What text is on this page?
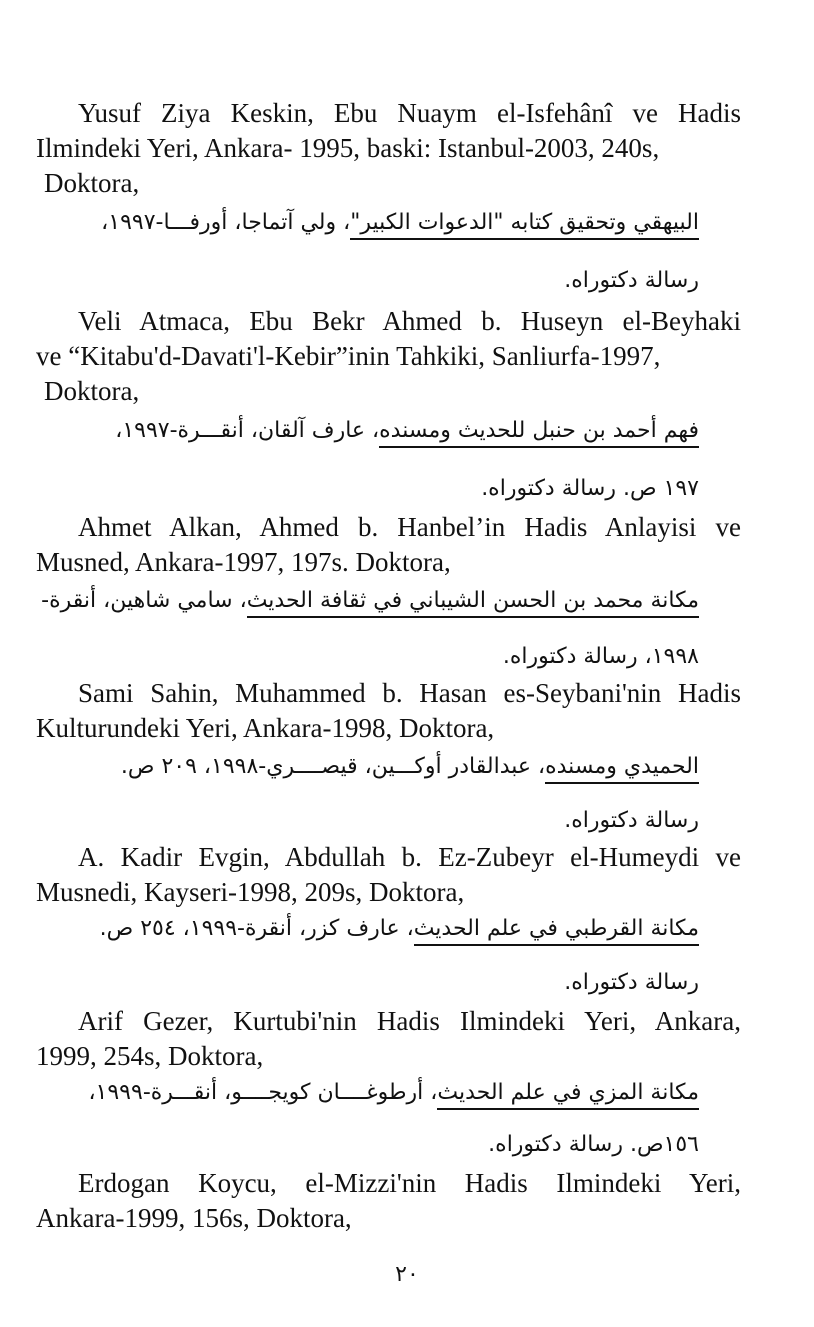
Yusuf Ziya Keskin, Ebu Nuaym el-Isfehânî ve Hadis
Ilmindeki Yeri, Ankara- 1995, baski: Istanbul-2003, 240s,
Doktora,
البيهقي وتحقيق كتابه "الدعوات الكبير"، ولي آتماجا، أورفـــا-١٩٩٧،
رسالة دكتوراه.
Veli Atmaca, Ebu Bekr Ahmed b. Huseyn el-Beyhaki
ve “Kitabu'd-Davati'l-Kebir”inin Tahkiki, Sanliurfa-1997,
Doktora,
فهم أحمد بن حنبل للحديث ومسنده، عارف آلقان، أنقـــرة-١٩٩٧،
١٩٧ ص. رسالة دكتوراه.
Ahmet Alkan, Ahmed b. Hanbel’in Hadis Anlayisi ve
Musned, Ankara-1997, 197s. Doktora,
مكانة محمد بن الحسن الشيباني في ثقافة الحديث، سامي شاهين، أنقرة-
١٩٩٨، رسالة دكتوراه.
Sami Sahin, Muhammed b. Hasan es-Seybani'nin Hadis
Kulturundeki Yeri, Ankara-1998, Doktora,
الحميدي ومسنده، عبدالقادر أوكـــين، قيصــــري-١٩٩٨، ٢٠٩ ص.
رسالة دكتوراه.
A. Kadir Evgin, Abdullah b. Ez-Zubeyr el-Humeydi ve
Musnedi, Kayseri-1998, 209s, Doktora,
مكانة القرطبي في علم الحديث، عارف كزر، أنقرة-١٩٩٩، ٢٥٤ ص.
رسالة دكتوراه.
Arif Gezer, Kurtubi'nin Hadis Ilmindeki Yeri, Ankara,
1999, 254s, Doktora,
مكانة المزي في علم الحديث، أرطوغــــان كويجــــو، أنقـــرة-١٩٩٩،
١٥٦ص. رسالة دكتوراه.
Erdogan Koycu, el-Mizzi'nin Hadis Ilmindeki Yeri,
Ankara-1999, 156s, Doktora,
٢٠
